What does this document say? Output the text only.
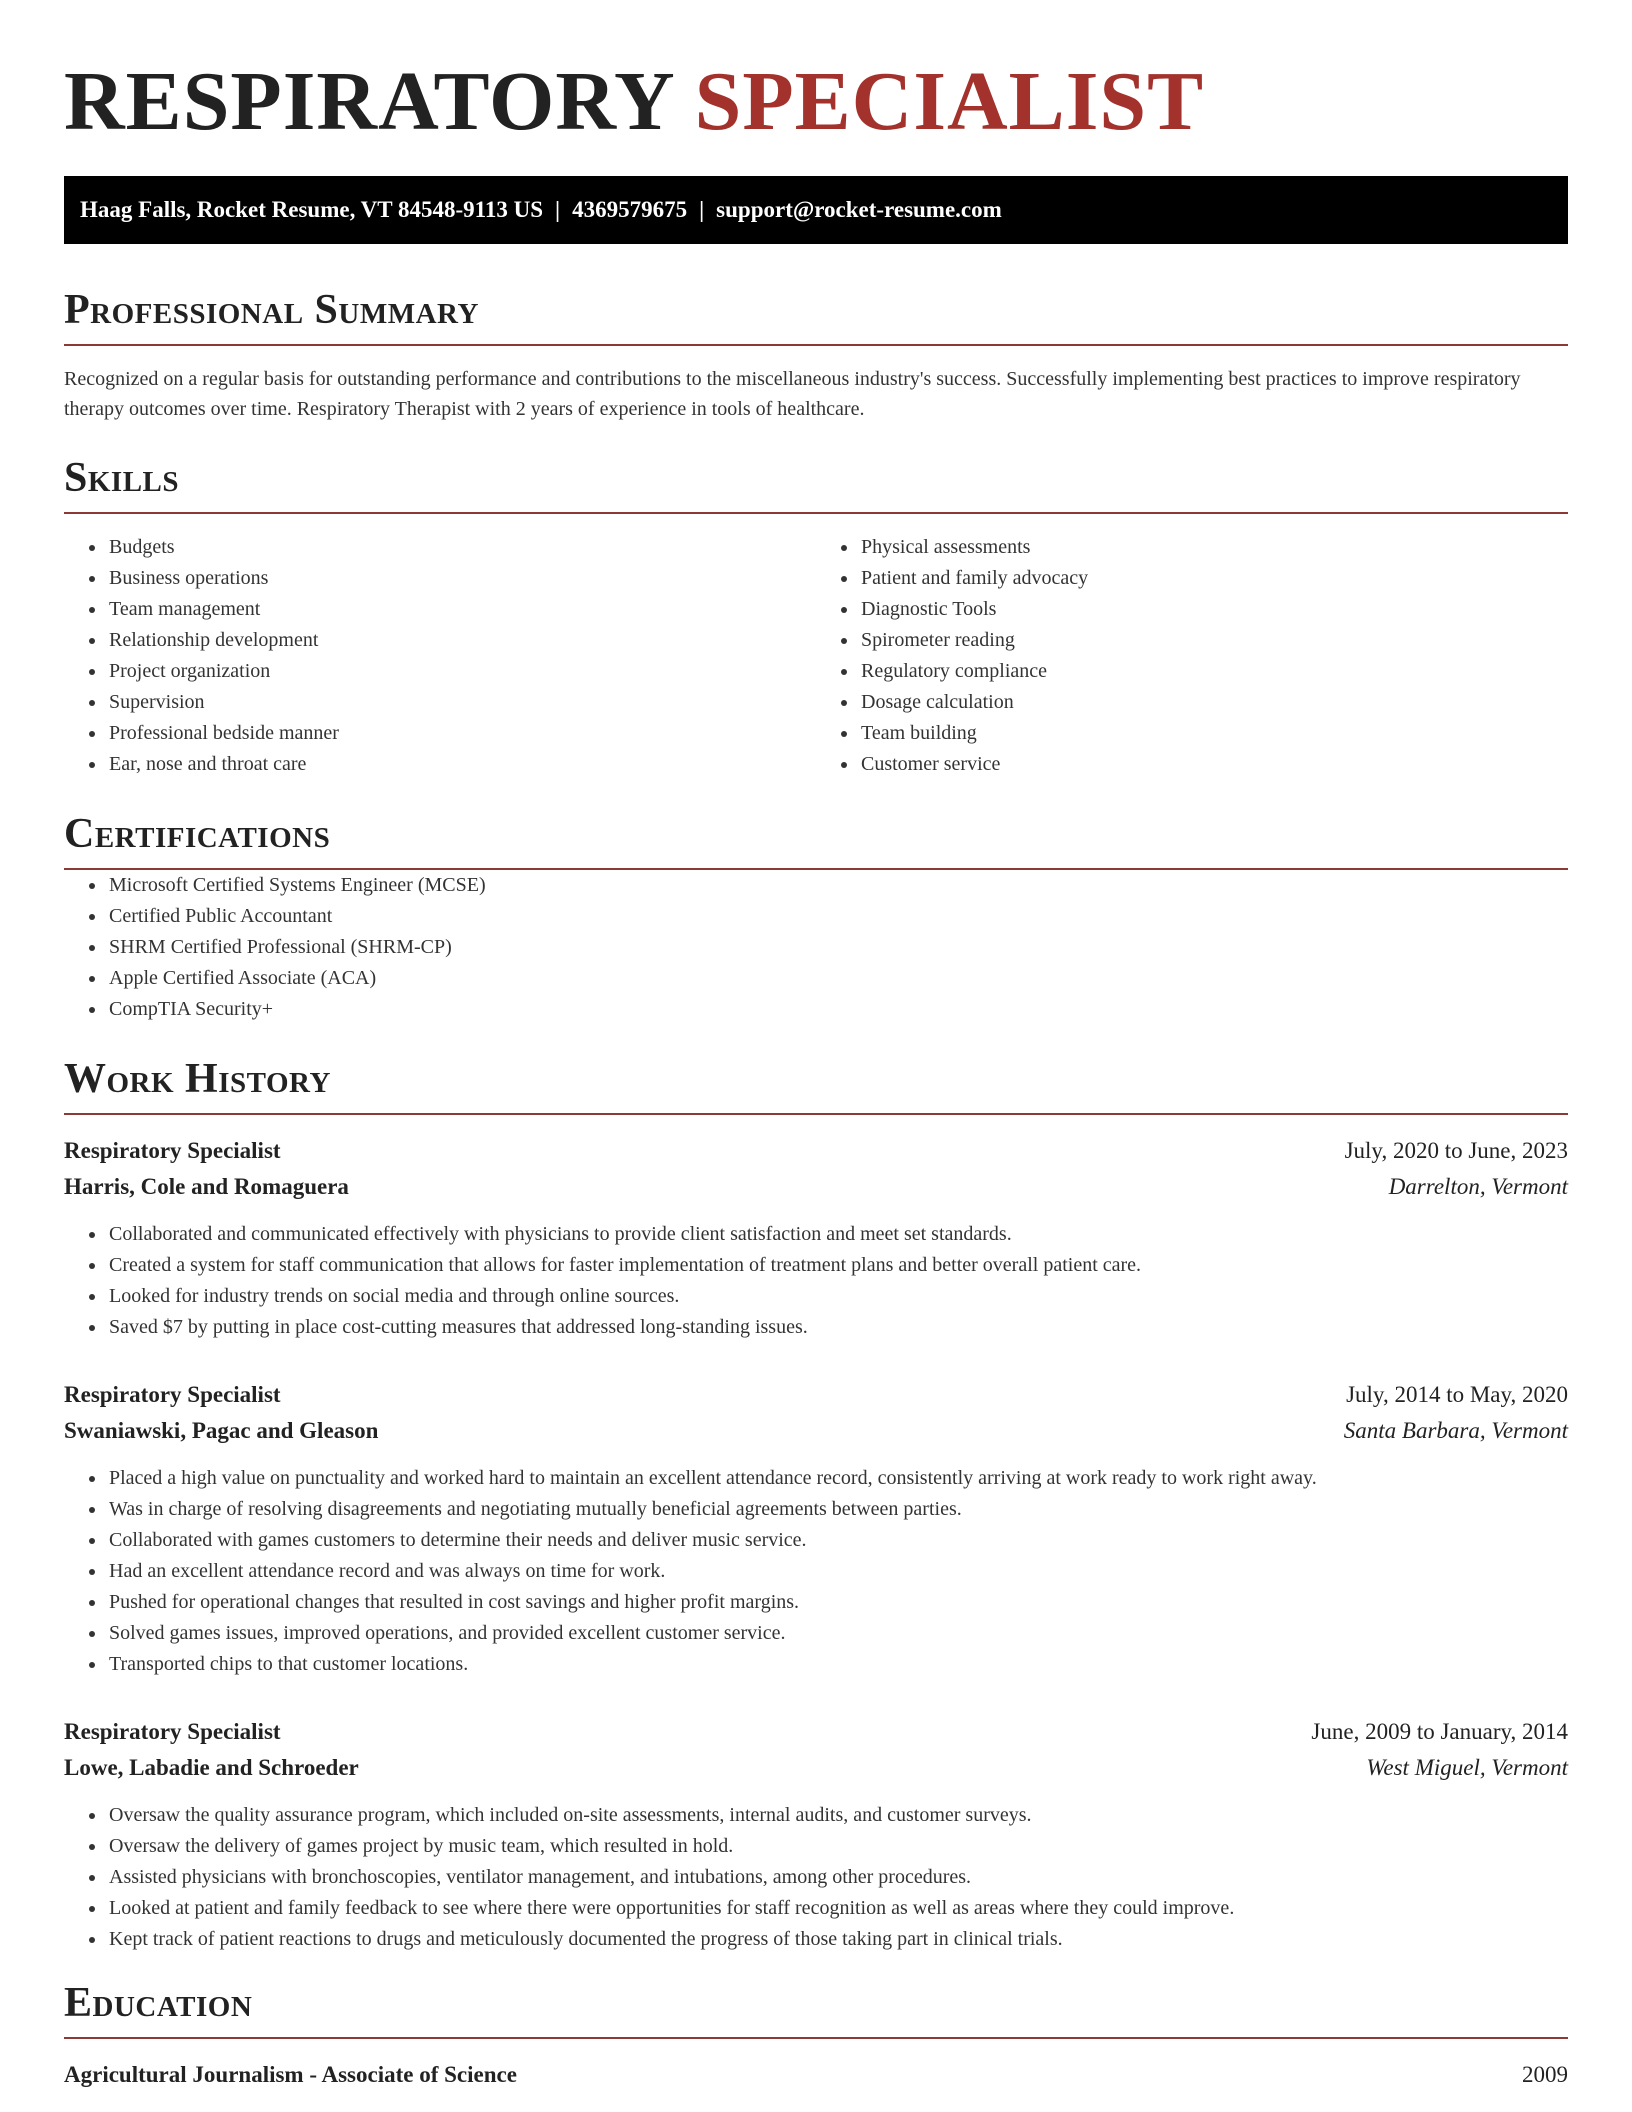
RESPIRATORY SPECIALIST
Haag Falls, Rocket Resume, VT 84548-9113 US | 4369579675 | support@rocket-resume.com
Professional Summary

Recognized on a regular basis for outstanding performance and contributions to the miscellaneous industry's success. Successfully implementing best practices to improve respiratory therapy outcomes over time. Respiratory Therapist with 2 years of experience in tools of healthcare.

Skills
• Budgets
• Business operations
• Team management
• Relationship development
• Project organization
• Supervision
• Professional bedside manner
• Ear, nose and throat care
• Physical assessments
• Patient and family advocacy
• Diagnostic Tools
• Spirometer reading
• Regulatory compliance
• Dosage calculation
• Team building
• Customer service
Certifications
• Microsoft Certified Systems Engineer (MCSE)
• Certified Public Accountant
• SHRM Certified Professional (SHRM-CP)
• Apple Certified Associate (ACA)
• CompTIA Security+
Work History
Respiratory Specialist	July, 2020 to June, 2023
Harris, Cole and Romaguera	Darrelton, Vermont
• Collaborated and communicated effectively with physicians to provide client satisfaction and meet set standards.
• Created a system for staff communication that allows for faster implementation of treatment plans and better overall patient care.
• Looked for industry trends on social media and through online sources.
• Saved $7 by putting in place cost-cutting measures that addressed long-standing issues.
Respiratory Specialist	July, 2014 to May, 2020
Swaniawski, Pagac and Gleason	Santa Barbara, Vermont
• Placed a high value on punctuality and worked hard to maintain an excellent attendance record, consistently arriving at work ready to work right away.
• Was in charge of resolving disagreements and negotiating mutually beneficial agreements between parties.
• Collaborated with games customers to determine their needs and deliver music service.
• Had an excellent attendance record and was always on time for work.
• Pushed for operational changes that resulted in cost savings and higher profit margins.
• Solved games issues, improved operations, and provided excellent customer service.
• Transported chips to that customer locations.
Respiratory Specialist	June, 2009 to January, 2014
Lowe, Labadie and Schroeder	West Miguel, Vermont
• Oversaw the quality assurance program, which included on-site assessments, internal audits, and customer surveys.
• Oversaw the delivery of games project by music team, which resulted in hold.
• Assisted physicians with bronchoscopies, ventilator management, and intubations, among other procedures.
• Looked at patient and family feedback to see where there were opportunities for staff recognition as well as areas where they could improve.
• Kept track of patient reactions to drugs and meticulously documented the progress of those taking part in clinical trials.
Education
Agricultural Journalism - Associate of Science	2009
